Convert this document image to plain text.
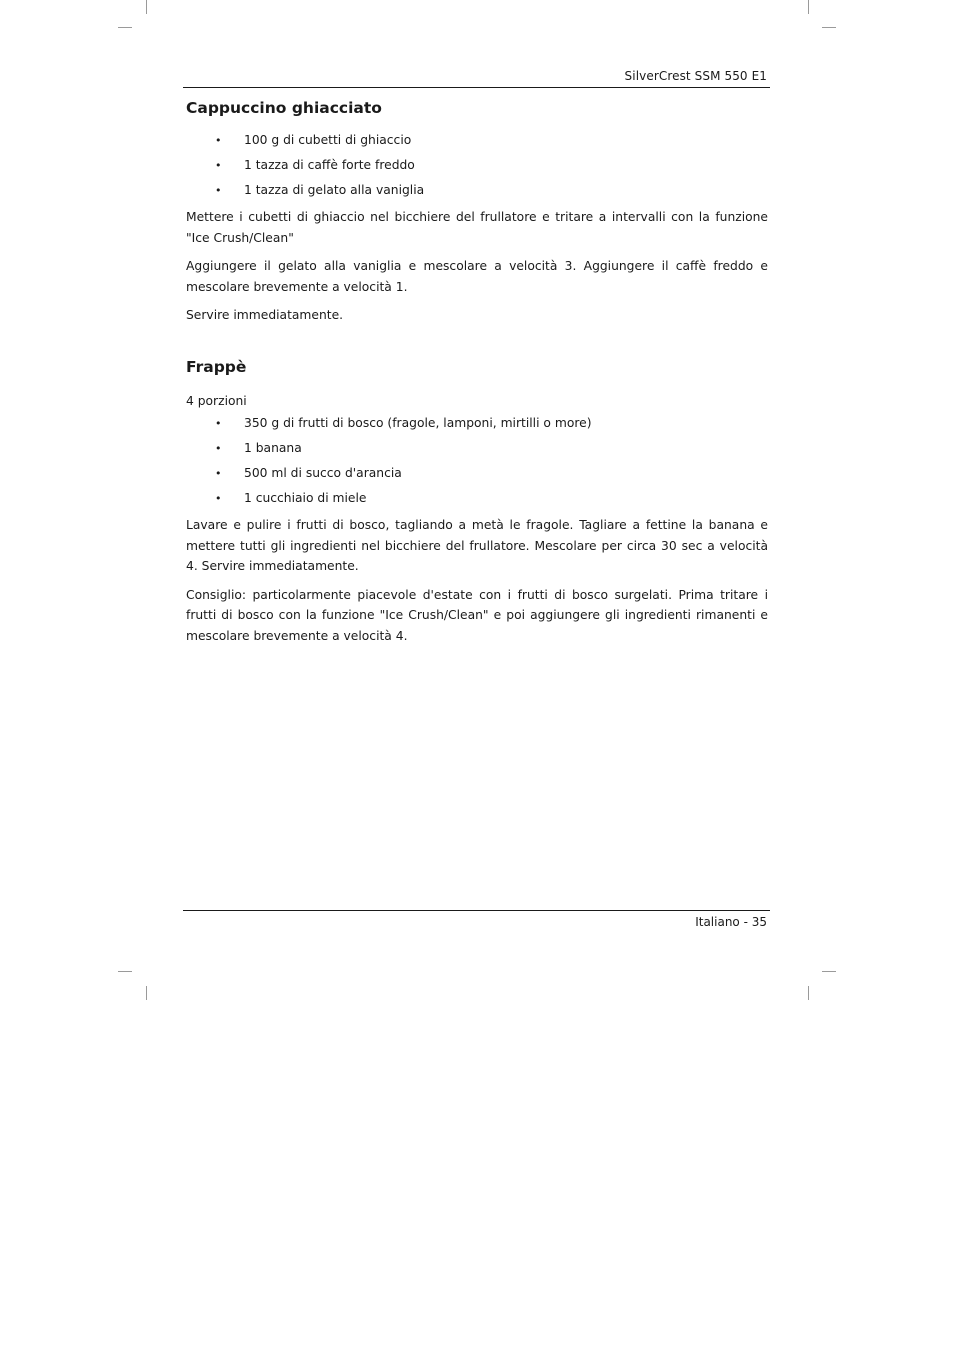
SilverCrest SSM 550 E1
Cappuccino ghiacciato
• 100 g di cubetti di ghiaccio
• 1 tazza di caffè forte freddo
• 1 tazza di gelato alla vaniglia

Mettere i cubetti di ghiaccio nel bicchiere del frullatore e tritare a intervalli con la funzione "Ice Crush/Clean"

Aggiungere il gelato alla vaniglia e mescolare a velocità 3. Aggiungere il caffè freddo e mescolare brevemente a velocità 1.

Servire immediatamente.

Frappè

4 porzioni

• 350 g di frutti di bosco (fragole, lamponi, mirtilli o more)
• 1 banana
• 500 ml di succo d'arancia
• 1 cucchiaio di miele

Lavare e pulire i frutti di bosco, tagliando a metà le fragole. Tagliare a fettine la banana e mettere tutti gli ingredienti nel bicchiere del frullatore. Mescolare per circa 30 sec a velocità 4. Servire immediatamente.

Consiglio: particolarmente piacevole d'estate con i frutti di bosco surgelati. Prima tritare i frutti di bosco con la funzione "Ice Crush/Clean" e poi aggiungere gli ingredienti rimanenti e mescolare brevemente a velocità 4.

Italiano - 35
